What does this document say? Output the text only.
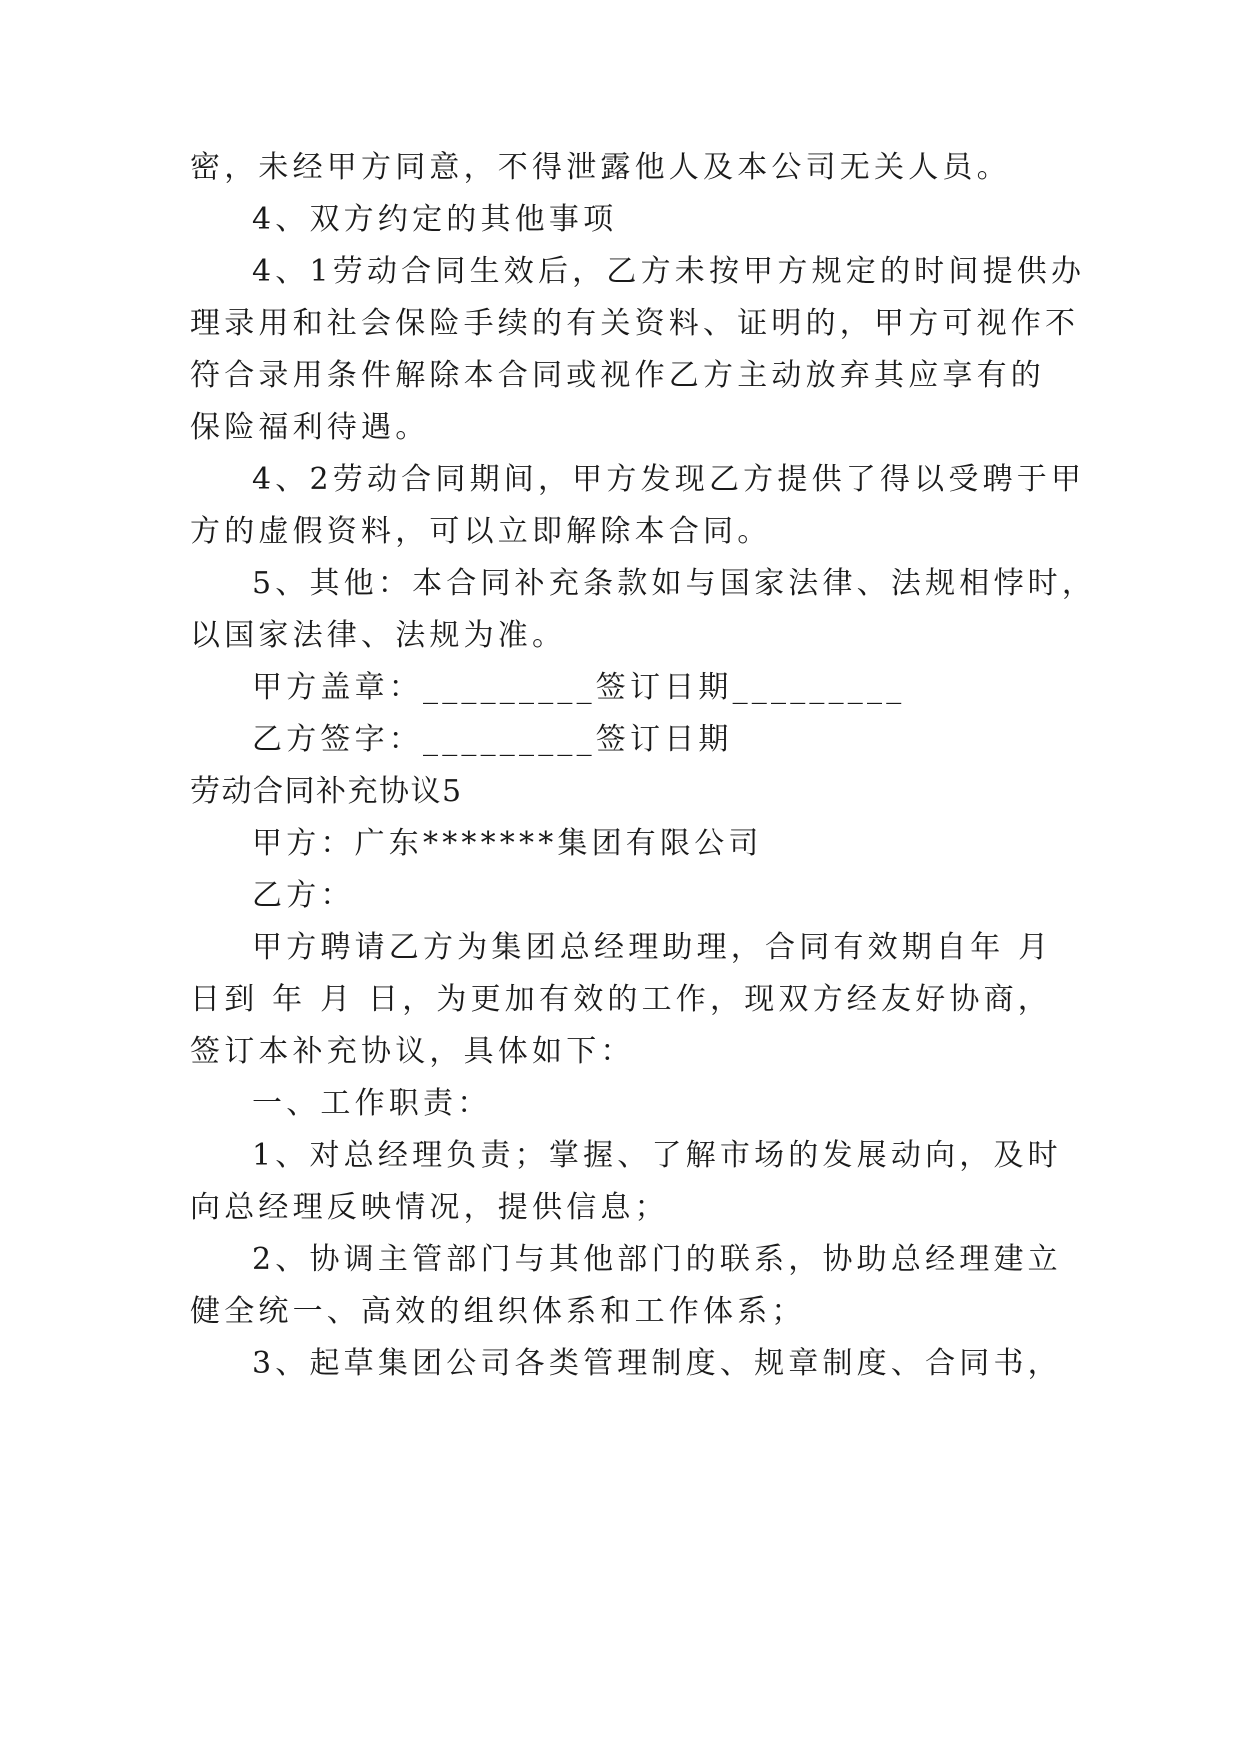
密，未经甲方同意，不得泄露他人及本公司无关人员。

4、双方约定的其他事项

4、1劳动合同生效后，乙方未按甲方规定的时间提供办

理录用和社会保险手续的有关资料、证明的，甲方可视作不

符合录用条件解除本合同或视作乙方主动放弃其应享有的

保险福利待遇。

4、2劳动合同期间，甲方发现乙方提供了得以受聘于甲

方的虚假资料，可以立即解除本合同。

5、其他：本合同补充条款如与国家法律、法规相悖时，

以国家法律、法规为准。

甲方盖章：_________签订日期_________

乙方签字：_________签订日期

劳动合同补充协议5

甲方：广东*******集团有限公司

乙方：

甲方聘请乙方为集团总经理助理，合同有效期自年 月

日到 年 月 日，为更加有效的工作，现双方经友好协商，

签订本补充协议，具体如下：

一、工作职责：

1、对总经理负责；掌握、了解市场的发展动向，及时

向总经理反映情况，提供信息；

2、协调主管部门与其他部门的联系，协助总经理建立

健全统一、高效的组织体系和工作体系；

3、起草集团公司各类管理制度、规章制度、合同书，
